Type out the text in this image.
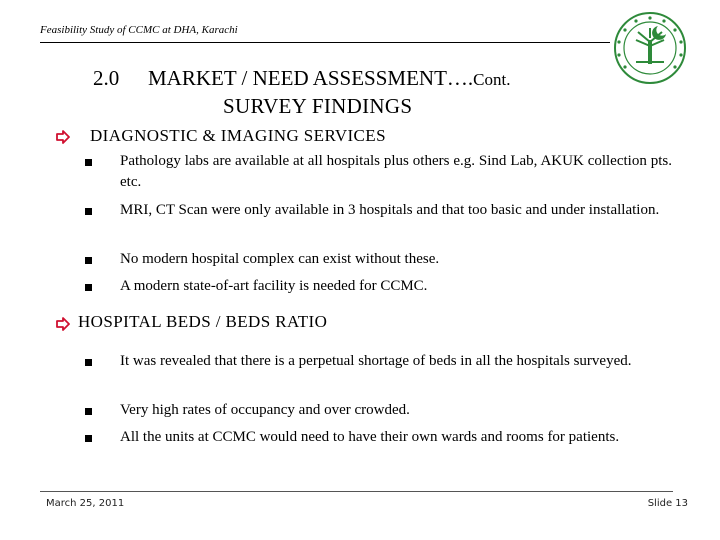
Feasibility Study of CCMC at DHA, Karachi
2.0 MARKET / NEED ASSESSMENT….Cont.
SURVEY FINDINGS
DIAGNOSTIC & IMAGING SERVICES
Pathology labs are available at all hospitals plus others e.g. Sind Lab, AKUK collection pts. etc.
MRI, CT Scan were only available in 3 hospitals and that too basic and under installation.
No modern hospital complex can exist without these.
A modern state-of-art facility is needed for CCMC.
HOSPITAL BEDS / BEDS RATIO
It was revealed that there is a perpetual shortage of beds in all the hospitals surveyed.
Very high rates of occupancy and over crowded.
All the units at CCMC would need to have their own wards and rooms for patients.
March 25, 2011	Slide 13
